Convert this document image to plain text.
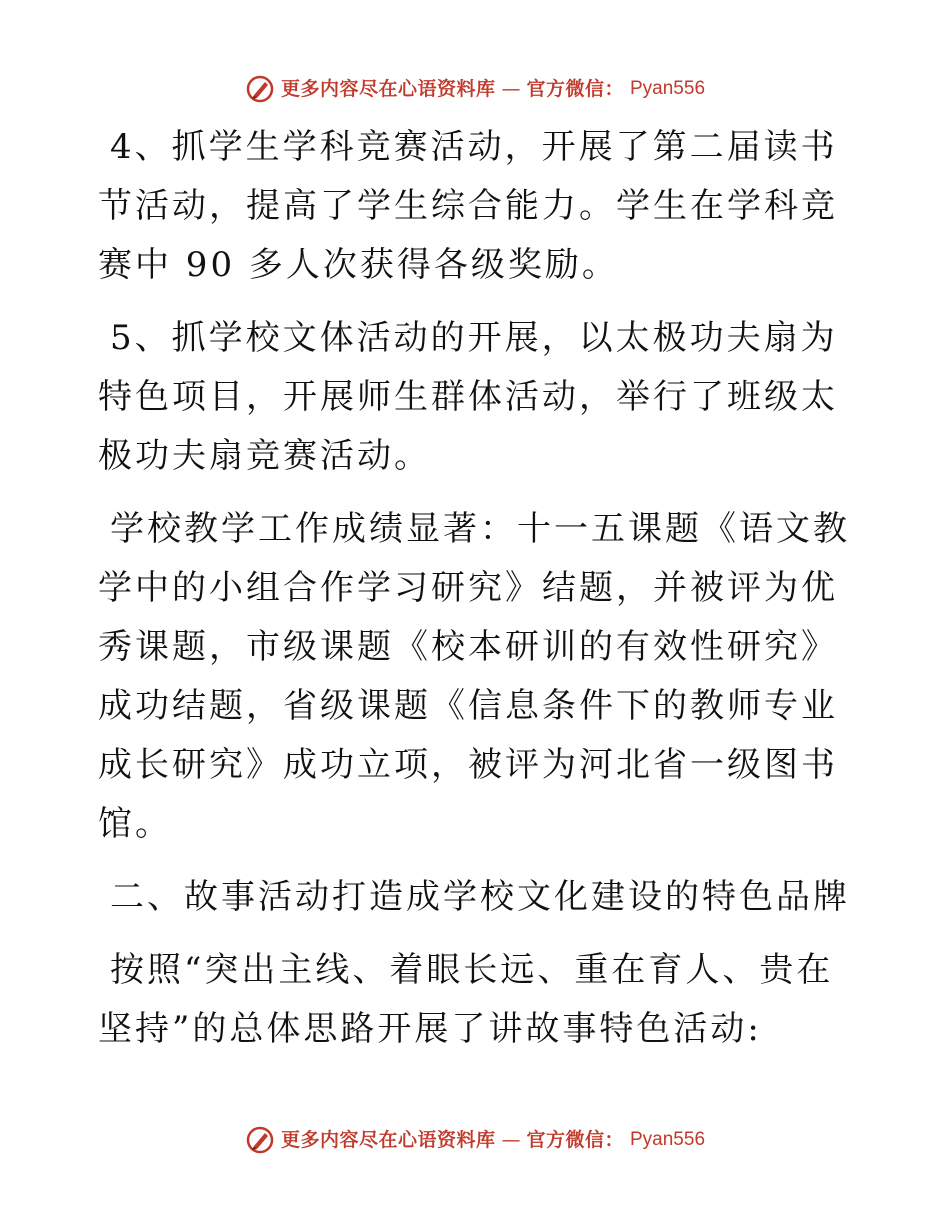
更多内容尽在心语资料库 — 官方微信： Pyan556

4、抓学生学科竞赛活动，开展了第二届读书节活动，提高了学生综合能力。学生在学科竞赛中 90 多人次获得各级奖励。

5、抓学校文体活动的开展，以太极功夫扇为特色项目，开展师生群体活动，举行了班级太极功夫扇竞赛活动。

学校教学工作成绩显著：十一五课题《语文教学中的小组合作学习研究》结题，并被评为优秀课题，市级课题《校本研训的有效性研究》成功结题，省级课题《信息条件下的教师专业成长研究》成功立项，被评为河北省一级图书馆。

二、故事活动打造成学校文化建设的特色品牌

按照“突出主线、着眼长远、重在育人、贵在坚持”的总体思路开展了讲故事特色活动:

更多内容尽在心语资料库 — 官方微信： Pyan556
